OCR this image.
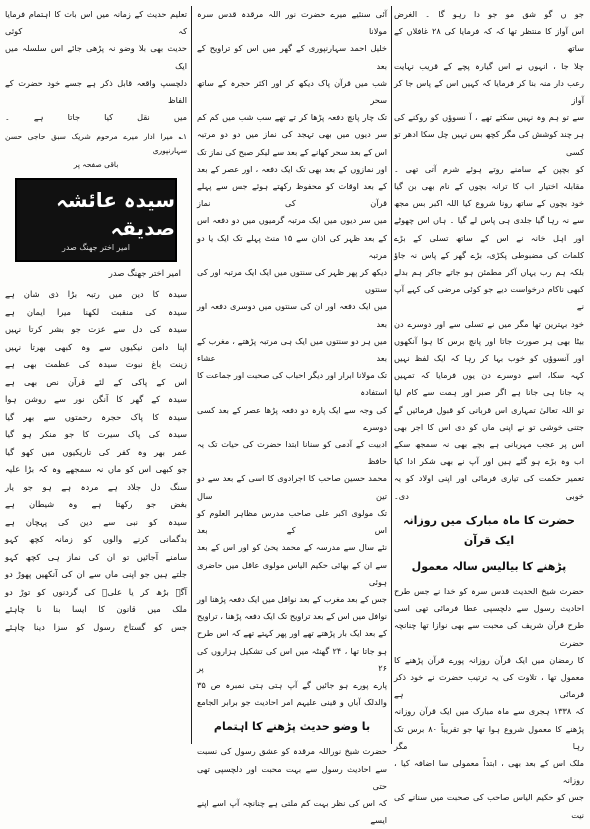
جو ں گو شق مو جو دا رہو گا ۔ الغرض

اس آواز کا منتظر تھا کہ کہ فرمایا کی ۲۸ غافلاں کے ساتھ

چلا جا ، انہوں نے اس گیارہ پچے کے قریب نہایت

رعب دار منہ بنا کر فرمایا کہ کہیں اس کے پاس جا کر آواز

سے تو ہم وہ نہیں سکتے تھے ، آ نسوؤں کو روکنے کی

ہر چند کوشش کی مگر کچھ بس نہیں چل سکا ادھر تو کسی

کو بچپن کے سامنے روتے ہوئے شرم آتی تھی ۔

مقابلہ اختیار اب کا ترانہ بچوں کے نام بھی بن گیا

خود بچوں کے ساتھ رونا شروع کیا اللہ اکبر بس مجھ

سے نہ رہا گیا جلدی ہی پاس لے گیا ۔ ہاں اس چھوٹے

اور اہل خانہ نے اس کے ساتھ تسلی کے بڑے

کلمات کی مضبوطی پکڑی، بڑے گھر کے پاس نہ جاؤ

بلکہ ہم رب یہاں آکر مطمئن ہو جاتے جاکر ہم بدلے

کبھی ناکام درخواست دیے جو کوئی مرضی کی کہے آپ نے

خود بہترین تھا مگر میں نے تسلی سے اور دوسرے دن

بیٹا بھی ہر صورت جاتا اور پانچ برس کا ہوا آنکھوں

اور آنسوؤں کو خوب بہا کر رہا کہ ایک لفظ نہیں

کہہ سکا، اسے دوسرے دن یوں فرمایا کہ تمہیں

یہ جانا ہی جانا ہے اگر صبر اور ہمت سے کام لیا

تو اللہ تعالیٰ تمہاری اس قربانی کو قبول فرمائیں گے

جتنی خوشی تو نے اپنی ماں کو دی اس کا اجر بھی

اس پر عجب مہربانی ہے بچے بھی نہ سمجھ سکے

اب وہ بڑے ہو گئے ہیں اور آپ نے بھی شکر ادا کیا

تعمیر حکمت کی تیاری فرمائی اور اپنی اولاد کو یہ خوبی دی۔

حضرت کا ماہ مبارک میں روزانہ ایک قرآن
پڑھنے کا بیالیس سالہ معمول

حضرت شیخ الحدیث قدس سرہ کو خدا نے جس طرح

احادیث رسول سے دلچسپی عطا فرمائی تھی اسی

طرح قرآن شریف کی محبت سے بھی نوازا تھا چنانچہ حضرت

کا رمضان میں ایک قرآن روزانہ پورے قرآن پڑھنے کا

معمول تھا ، تلاوت کی یہ ترتیب حضرت نے خود ذکر فرمائی ہے

کہ ۱۳۳۸ ہجری سے ماہ مبارک میں ایک قرآن روزانہ

پڑھنے کا معمول شروع ہوا تھا جو تقریباً ۸۰ برس تک رہا مگر

ملک اس کے بعد بھی ، ابتداً معمولی سا اضافہ کیا ، روزانہ

جس کو حکیم الیاس صاحب کی صحبت میں سنانے کی نیت

آئی سنئیے میرے حضرت نور اللہ مرقدہ قدس سرہ مولانا

خلیل احمد سہارنپوری کے گھر میں اس کو تراویح کے بعد

شب میں قرآن پاک دیکھ کر اور اکثر حجرہ کے ساتھ سحر

تک چار پانچ دفعہ پڑھا کر تے تھے سب شب میں کم کم

سر دیوں میں بھی تہجد کی نماز میں دو دو مرتبہ

اس کے بعد سحر کھانے کے بعد سے لیکر صبح کی نماز تک

اور نمازوں کے بعد بھی تک ایک دفعہ ، اور عصر کے بعد

کے بعد اوقات کو محفوظ رکھتے ہوئے جس سے پہلے قرآن کی نماز

میں سر دیوں میں ایک مرتبہ گرمیوں میں دو دفعہ اس

کے بعد ظہر کی اذان سے ۱۵ منٹ پہلے تک ایک یا دو مرتبہ

دیکھ کر پھر ظہر کی سنتوں میں ایک ایک مرتبہ اور کی سنتوں

میں ایک دفعہ اور ان کی سنتوں میں دوسری دفعہ اور بعد

میں ہر دو سنتوں میں ایک ہی مرتبہ پڑھتے ، مغرب کے بعد عشاء

تک مولانا ابرار اور دیگر احباب کی صحبت اور جماعت کا استفادہ

کی وجہ سے ایک پارہ دو دفعہ پڑھا عصر کے بعد کسی دوسرے

ادبیت کے آدمی کو سنانا ابتدا حضرت کی حیات تک یہ حافظ

محمد حسین صاحب کا اجرادوی کا اسی کے بعد سے دو تین سال

تک مولوی اکبر علی صاحب مدرس مظاہر العلوم کو اس کے بعد

نئے سال سے مدرسہ کے محمد یحیٰ کو اور اس کے بعد

سے ان کے بھائی حکیم الیاس مولوی عاقل میں حاضری ہوئی

جس کے بعد مغرب کے بعد نوافل میں ایک دفعہ پڑھنا اور

نوافل میں اس کے بعد تراویح تک ایک دفعہ پڑھنا ، تراویح

کے بعد ایک بار پڑھتے تھے اور پھر کہتے تھے کہ اس طرح

ہو جاتا تھا ، ۲۴ گھنٹہ میں اس کی تشکیل ہزاروں کی ۲۶ پر

پارے پورے ہو جائیں گے آپ ہتی ہتی نمبرہ ص ۳۵

والدلک آباں و قینی علیہم امر احادیث جو برابر الجامع

با وضو حدیث پڑھنے کا اہتمام

حضرت شیخ نوراللہ مرقدہ کو عشق رسول کی نسبت

سے احادیث رسول سے بہت محبت اور دلچسپی تھی حتی

کہ اس کی نظر بہت کم ملتی ہے چنانچہ آپ اسے اپنے ایسے

تعلیم حدیث کے زمانہ میں اس بات کا اہتمام فرمایا کہ کوئی

حدیث بھی بلا وضو نہ پڑھی جائے اس سلسلہ میں ایک

دلچسپ واقعہ قابل ذکر ہے جسے خود حضرت کے الفاظ

میں نقل کیا جاتا ہے ۔

۱؎ میرا ادار میرے مرحوم شریک سبق حاجی حسن سہارنپوری

باقی صفحہ پر

سیدہ عائشہ صدیقہ
امیر اختر جھنگ صدر
امیر اختر جھنگ صدر

سیدہ کا دین میں رتبہ بڑا ذی شان ہے

سیدہ کی منقبت لکھنا میرا ایمان ہے

سیدہ کی دل سے عزت جو بشر کرتا نہیں

اپنا دامن نیکیوں سے وہ کبھی بھرتا نہیں

زینت باغ نبوت سیدہ کی عظمت بھی ہے

اس کے پاکی کے لئے قرآن نص بھی ہے

سیدہ کے گھر کا آنگن نور سے روشن ہوا

سیدہ کا پاک حجرہ رحمتوں سے بھر گیا

سیدہ کی پاک سیرت کا جو منکر ہو گیا

عمر بھر وہ کفر کی تاریکیوں میں کھو گیا

جو کبھی اس کو ماں نہ سمجھے وہ کہ بڑا علیہ

سنگ دل جلاد ہے مردہ ہے ہو جو یار

بغض جو رکھتا ہے وہ شیطان ہے

سیدہ کو نبی سے دین کی پہچان ہے

بدگمانی کرنے والوں کو زمانہ کچھ کہو

سامنے آجائیں تو ان کی نماز ہی کچھ کہو

جلتے ہیں جو اپنی ماں سے ان کی آنکھیں پھوڑ دو

آگے بڑھ کر یا علیؓ کی گردنوں کو توڑ دو

ملک میں قانون کا ایسا بنا نا چاہئے

جس کو گستاخ رسول کو سزا دینا چاہئے
